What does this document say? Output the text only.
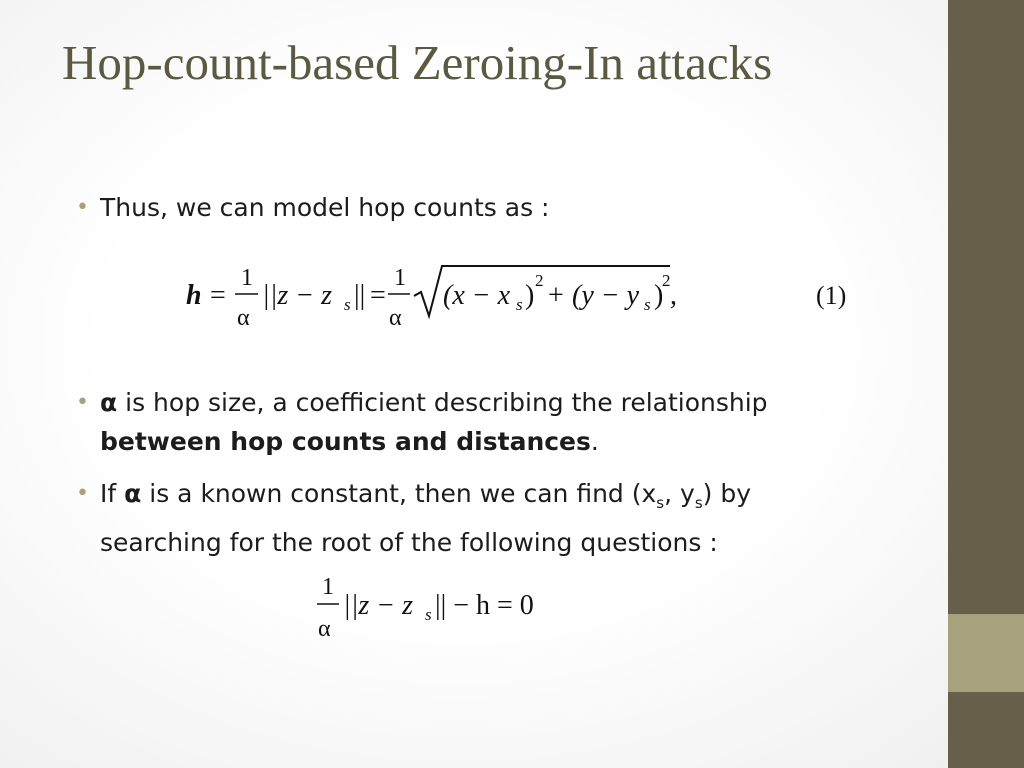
Hop-count-based Zeroing-In attacks
• Thus, we can model hop counts as :
h =
1
α
||z − z s || =
1
α
(x − x s ) 2 + (y − y s )
2 ,	(1)
• α is hop size, a coefficient describing the relationship between hop counts and distances.
• If α is a known constant, then we can find ($x_s$, $y_s$) by searching for the root of the following questions :
1
α
||z − z s || − h = 0
